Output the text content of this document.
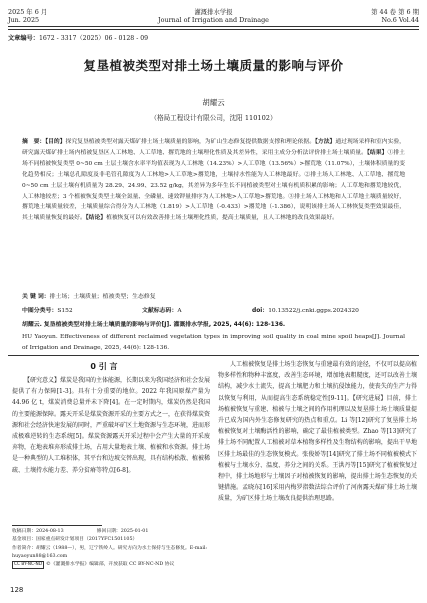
2025 年 6 月
Jun. 2025
灌溉排水学报
Journal of Irrigation and Drainage
第 44 卷 第 6 期
No.6 Vol.44
文章编号：1672 - 3317（2025）06 - 0128 - 09
复垦植被类型对排土场土壤质量的影响与评价
胡耀云
（格局工程设计有限公司，沈阳 110102）
摘　要：【目的】探究复垦植被类型对露天煤矿排土场土壤质量的影响，为矿山生态修复提供数据支撑和理论依据。【方法】通过现场采样和室内实验，研究露天煤矿排土场内植被复垦区人工林地、人工草地、撂荒地的土壤理化性质及其差异性，采用主成分分析法评价排土场土壤质量。【结果】①排土场不同植被恢复类型 0~50 cm 土层土壤含水率平均值表现为人工林地（14.23%）>人工草地（13.56%）>撂荒地（11.07%），土壤体积质量的变化趋势相反；土壤总孔隙度及非毛管孔隙度为人工林地>人工草地>撂荒地，土壤持水性能为人工林地最好。②排土场人工林地、人工草地、撂荒地 0~50 cm 土层土壤有机质量为 28.29、24.99、23.52 g/kg，其差异为多年生长不同植被类型对土壤有机质积累的影响；人工草地和撂荒地较优，人工林地较差；3 个植被恢复类型土壤全氮量、全磷量、速效钾量排序为人工林地>人工草地>撂荒地。③排土场人工林地和人工草地土壤质量较好，撂荒地土壤质量较差，土壤质量综合得分为人工林地（1.819）>人工草地（-0.433）>撂荒地（-1.386），说明该排土场人工林恢复类型效果最佳，其土壤质量恢复的最好。【结论】植被恢复可以有效改善排土场土壤理化性质，提高土壤质量，且人工林地的改良效果最好。
关 键 词：排土场；土壤质量；植被类型；生态修复
中图分类号：S152	文献标志码：A	doi：10.13522/j.cnki.ggps.2024320
胡耀云. 复垦植被类型对排土场土壤质量的影响与评价[J]. 灌溉排水学报, 2025, 44(6): 128-136.
HU Yaoyun. Effectiveness of different reclaimed vegetation types in improving soil quality in coal mine spoil heaps[J]. Journal of Irrigation and Drainage, 2025, 44(6): 128-136.
0 引 言
【研究意义】煤炭是我国的主体能源，长期以来为我国经济和社会发展提供了有力保障[1-3]。具有十分重要的地位。2022 年我国原煤产量为 44.96 亿 t，煤炭消费总量并未下降[4]。在一定时期内，煤炭仍然是我国的主要能源保障。露天开采是煤炭资源开采的主要方式之一，在获得煤炭资源和社会经济快速发展的同时，严重破坏矿区土地资源与生态环境，进而形成极难逆转的生态系统[5]。煤炭资源露天开采过程中会产生大量的开采废弃物，在地表堆弃形成排土场，占用大量地表土壤、植被和水资源。排土场是一种典型的人工堆积体，其平台和边坡交替出现，具有结构松散、植被稀疏、土壤持水能力差、养分贫瘠等特点[6-8]。
收稿日期：2024-08-13	修回日期：2025-01-01
基金项目：国家重点研发计划项目（2017YFC1501105）
作者简介：胡耀云（1988—），男，辽宁铁岭人。研究方向为水土保持与生态修复。E-mail: huyaoyun88@163.com
CC BY-NC-ND ©《灌溉排水学报》编辑部，开放获取 CC BY-NC-ND 协议
人工植被恢复是排土场生态恢复与重建最有效的途径，不仅可以提高植物多样性和物种丰富度，改善生态环境，增加地表粗糙度，还可以改善土壤结构，减少水土流失，提高土壤肥力和土壤抗侵蚀能力，使丧失的生产力得以恢复与利用，从而提高生态系统稳定性[9-11]。【研究进展】目前，排土场植被恢复与重建、植被与土壤之间的作用机理以及复垦排土场土壤质量提升已成为国内外生态修复研究的热点和重点。Li 等[12]研究了复垦排土场植被恢复对土壤酶活性的影响，确定了最佳植被类型。Zhao 等[13]研究了排土场不同配置人工植被对草本植物多样性及生物结构的影响，提出干旱地区排土场最佳的生态恢复模式。张俊娇等[14]研究了排土场不同植被模式下植被与土壤水分、温度、养分之间的关系。王洪丹等[15]研究了植被恢复过程中，排土场地形与土壤因子对植被恢复的影响，提出排土场生态恢复的关键措施。孟晓东[16]采用内梅罗指数法综合评价了河南露天煤矿排土场土壤质量，为矿区排土场土壤改良提供治理思路。
128
